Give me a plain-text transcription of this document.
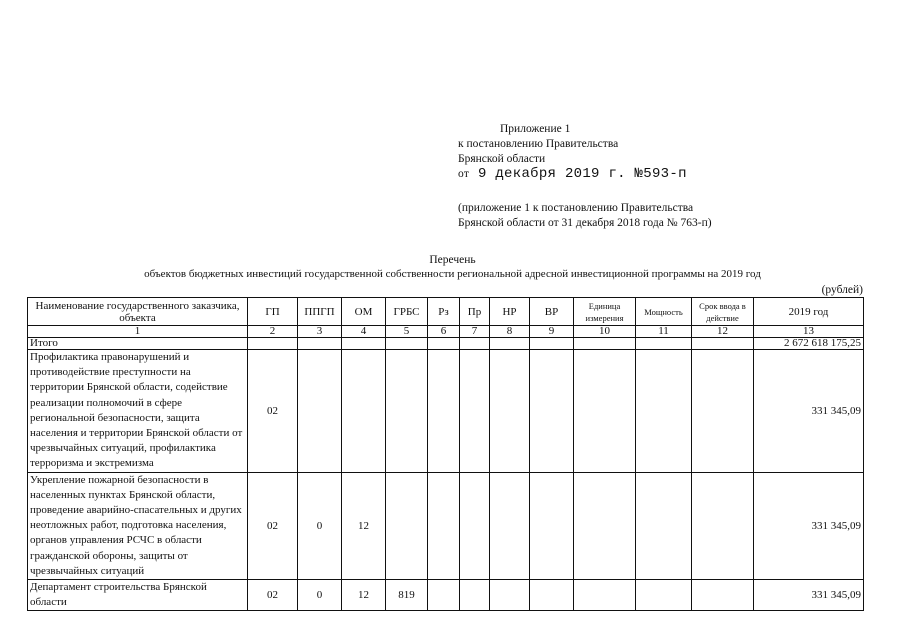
Приложение 1
к постановлению Правительства
Брянской области
от 9 декабря 2019 г. №593-п
(приложение 1 к постановлению Правительства
Брянской области от 31 декабря 2018 года № 763-п)
Перечень
объектов бюджетных инвестиций государственной собственности региональной адресной инвестиционной программы на 2019 год
(рублей)
Наименование государственного заказчика, объекта	ГП	ППГП	ОМ	ГРБС	Рз	Пр	НР	ВР	Единица измерения	Мощность	Срок ввода в действие	2019 год
1	2	3	4	5	6	7	8	9	10	11	12	13
Итого												2 672 618 175,25
Профилактика правонарушений и противодействие преступности на территории Брянской области, содействие реализации полномочий в сфере региональной безопасности, защита населения и территории Брянской области от чрезвычайных ситуаций, профилактика терроризма и экстремизма	02											331 345,09
Укрепление пожарной безопасности в населенных пунктах Брянской области, проведение аварийно-спасательных и других неотложных работ, подготовка населения, органов управления РСЧС в области гражданской обороны, защиты от чрезвычайных ситуаций	02	0	12									331 345,09
Департамент строительства Брянской области	02	0	12	819								331 345,09
